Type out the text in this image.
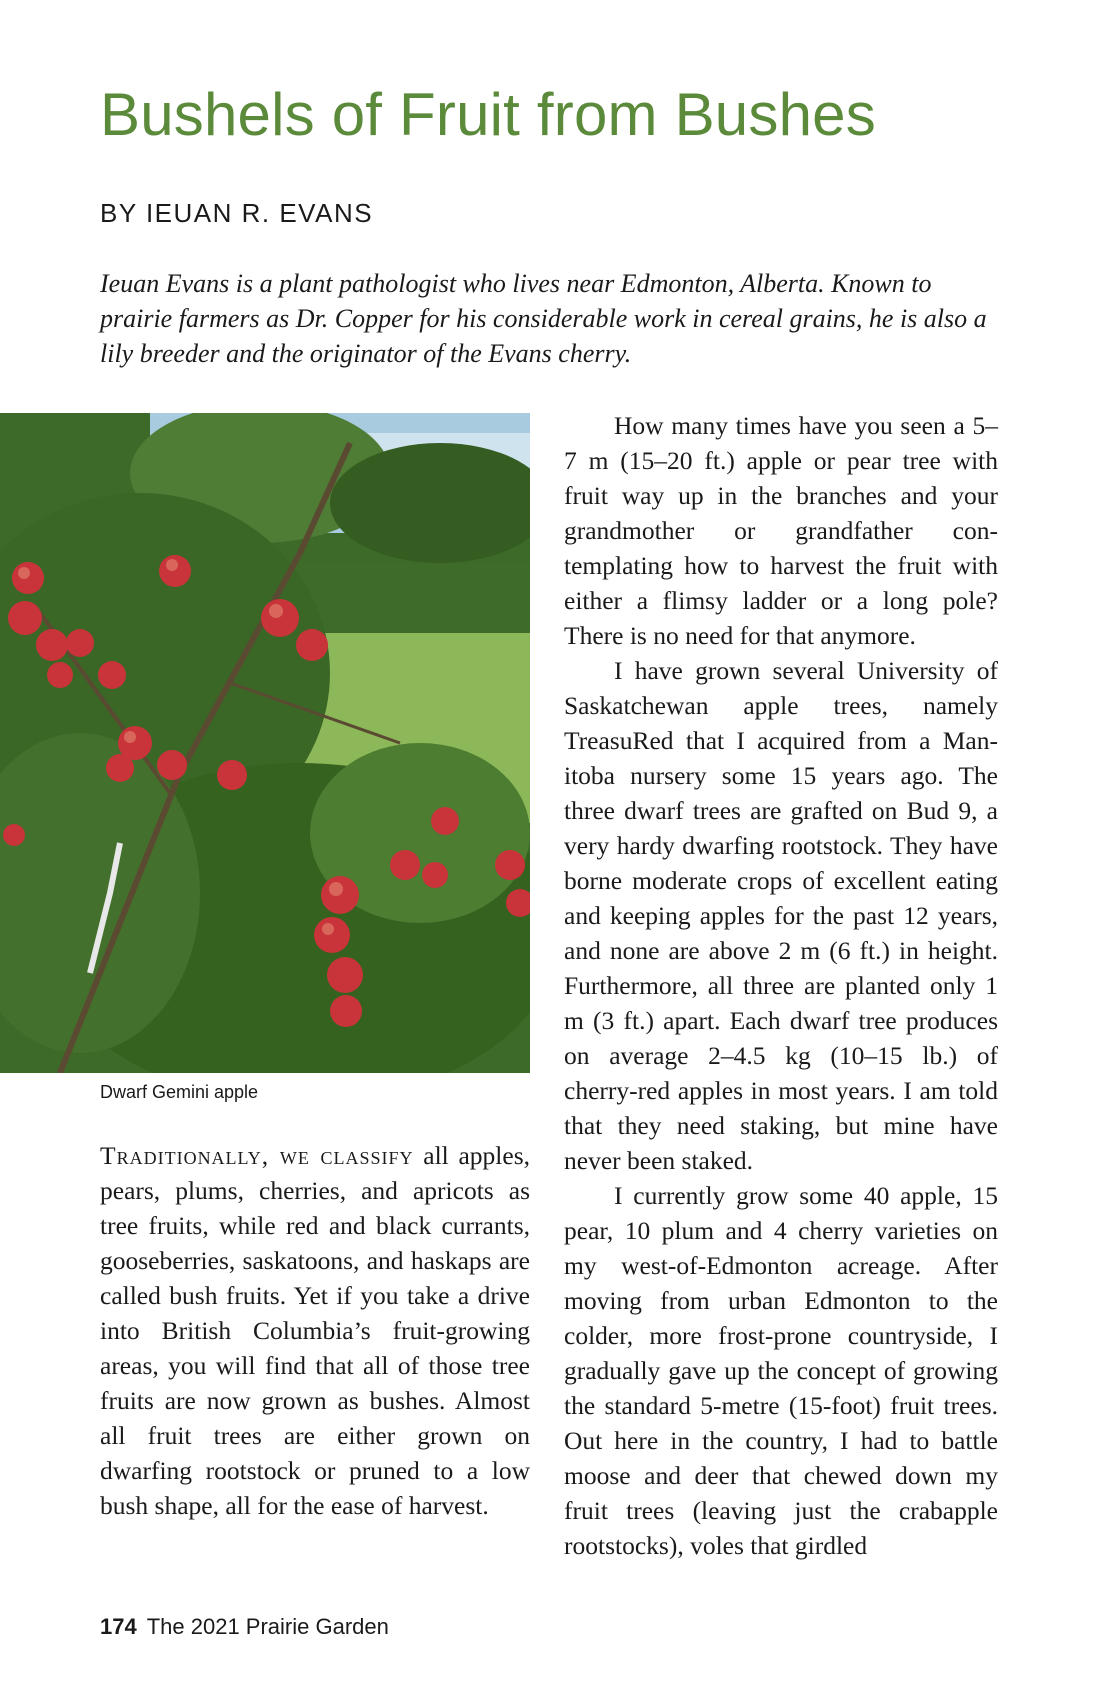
Bushels of Fruit from Bushes
BY IEUAN R. EVANS

Ieuan Evans is a plant pathologist who lives near Edmonton, Alberta. Known to prairie farmers as Dr. Copper for his considerable work in cereal grains, he is also a lily breeder and the originator of the Evans cherry.

Dwarf Gemini apple

Traditionally, we classify all apples, pears, plums, cherries, and apricots as tree fruits, while red and black currants, gooseberries, saskatoons, and haskaps are called bush fruits. Yet if you take a drive into British Columbia’s fruit-growing areas, you will find that all of those tree fruits are now grown as bushes. Almost all fruit trees are either grown on dwarfing rootstock or pruned to a low bush shape, all for the ease of harvest.

How many times have you seen a 5–7 m (15–20 ft.) apple or pear tree with fruit way up in the branches and your grandmother or grandfather contemplating how to harvest the fruit with either a flimsy ladder or a long pole? There is no need for that anymore.

I have grown several University of Saskatchewan apple trees, namely TreasuRed that I acquired from a Manitoba nursery some 15 years ago. The three dwarf trees are grafted on Bud 9, a very hardy dwarfing rootstock. They have borne moderate crops of excellent eating and keeping apples for the past 12 years, and none are above 2 m (6 ft.) in height. Furthermore, all three are planted only 1 m (3 ft.) apart. Each dwarf tree produces on average 2–4.5 kg (10–15 lb.) of cherry-red apples in most years. I am told that they need staking, but mine have never been staked.

I currently grow some 40 apple, 15 pear, 10 plum and 4 cherry varieties on my west-of-Edmonton acreage. After moving from urban Edmonton to the colder, more frost-prone countryside, I gradually gave up the concept of growing the standard 5-metre (15-foot) fruit trees. Out here in the country, I had to battle moose and deer that chewed down my fruit trees (leaving just the crabapple rootstocks), voles that girdled

174 The 2021 Prairie Garden
